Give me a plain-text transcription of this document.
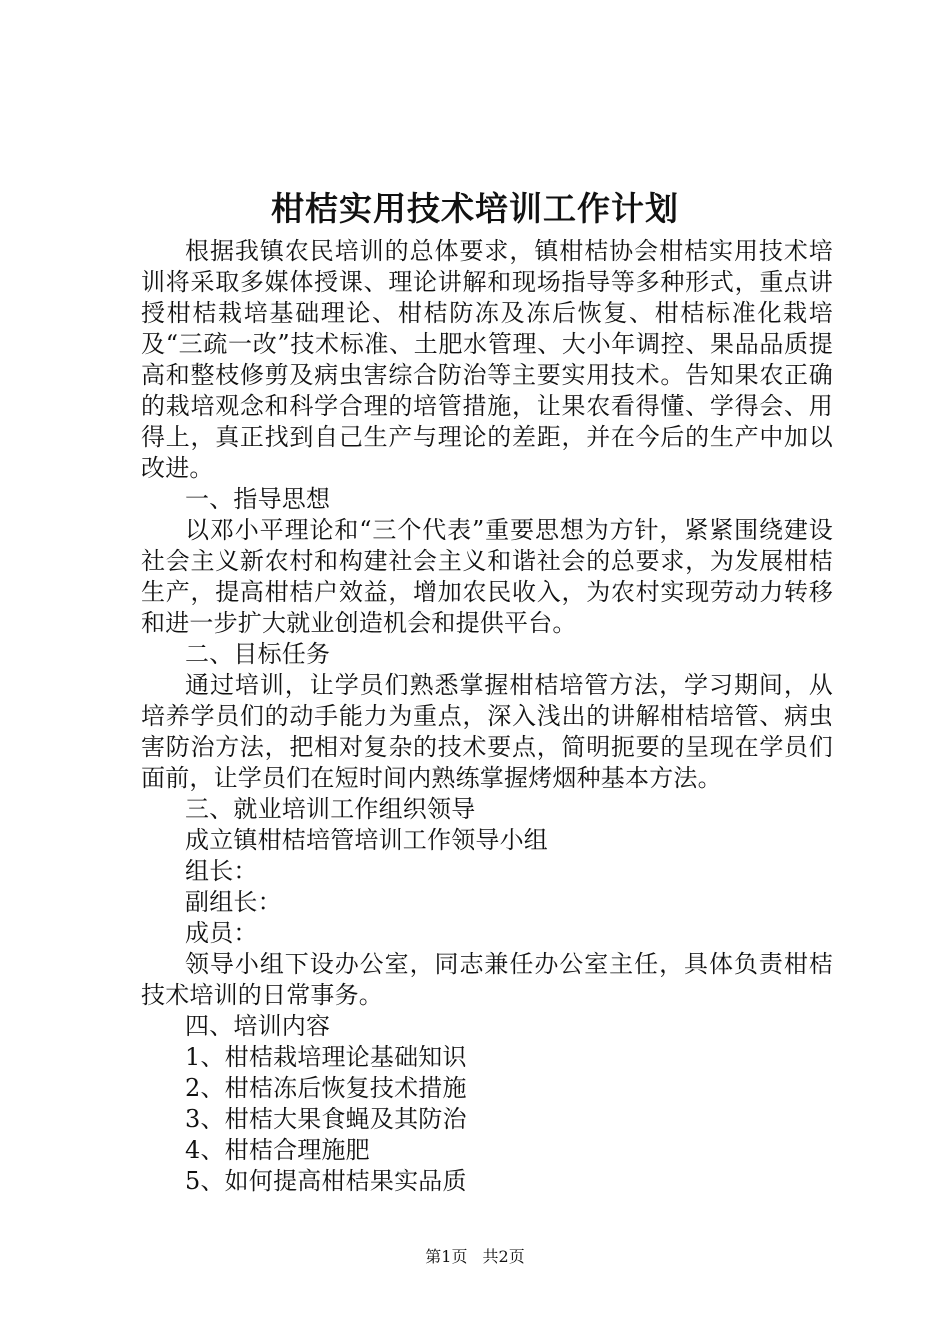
柑桔实用技术培训工作计划

根据我镇农民培训的总体要求，镇柑桔协会柑桔实用技术培训将采取多媒体授课、理论讲解和现场指导等多种形式，重点讲授柑桔栽培基础理论、柑桔防冻及冻后恢复、柑桔标准化栽培及“三疏一改”技术标准、土肥水管理、大小年调控、果品品质提高和整枝修剪及病虫害综合防治等主要实用技术。告知果农正确的栽培观念和科学合理的培管措施，让果农看得懂、学得会、用得上，真正找到自己生产与理论的差距，并在今后的生产中加以改进。

一、指导思想

以邓小平理论和“三个代表”重要思想为方针，紧紧围绕建设社会主义新农村和构建社会主义和谐社会的总要求，为发展柑桔生产，提高柑桔户效益，增加农民收入，为农村实现劳动力转移和进一步扩大就业创造机会和提供平台。

二、目标任务

通过培训，让学员们熟悉掌握柑桔培管方法，学习期间，从培养学员们的动手能力为重点，深入浅出的讲解柑桔培管、病虫害防治方法，把相对复杂的技术要点，简明扼要的呈现在学员们面前，让学员们在短时间内熟练掌握烤烟种基本方法。

三、就业培训工作组织领导

成立镇柑桔培管培训工作领导小组

组长：

副组长：

成员：

领导小组下设办公室，同志兼任办公室主任，具体负责柑桔技术培训的日常事务。

四、培训内容

1、柑桔栽培理论基础知识

2、柑桔冻后恢复技术措施

3、柑桔大果食蝇及其防治

4、柑桔合理施肥

5、如何提高柑桔果实品质

第1页 共2页
